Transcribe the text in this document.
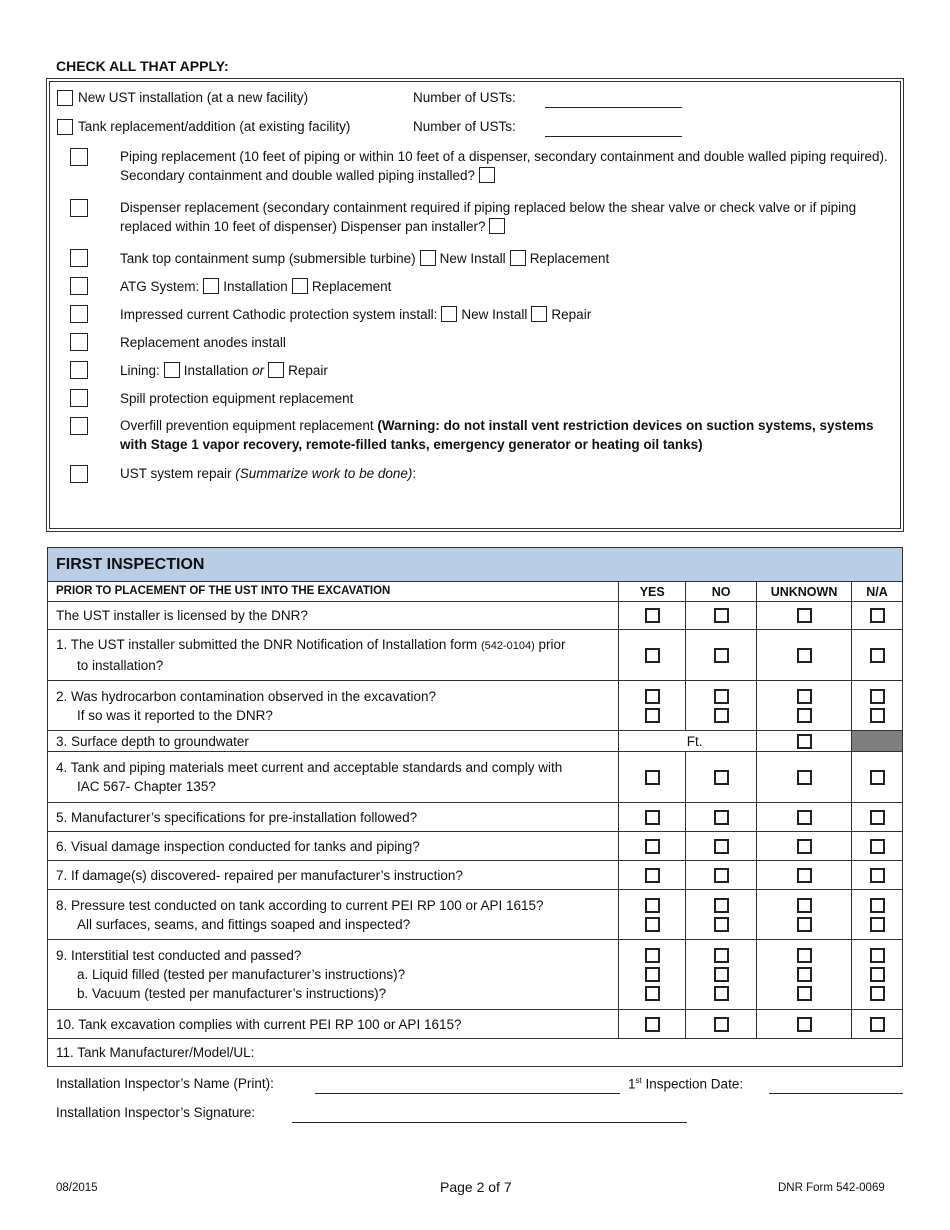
CHECK ALL THAT APPLY:
New UST installation (at a new facility)	Number of USTs:
Tank replacement/addition (at existing facility)	Number of USTs:
Piping replacement (10 feet of piping or within 10 feet of a dispenser, secondary containment and double walled piping required). Secondary containment and double walled piping installed?
Dispenser replacement (secondary containment required if piping replaced below the shear valve or check valve or if piping replaced within 10 feet of dispenser) Dispenser pan installer?
Tank top containment sump (submersible turbine) New Install Replacement
ATG System: Installation Replacement
Impressed current Cathodic protection system install: New Install Repair
Replacement anodes install
Lining: Installation or Repair
Spill protection equipment replacement
Overfill prevention equipment replacement (Warning: do not install vent restriction devices on suction systems, systems with Stage 1 vapor recovery, remote-filled tanks, emergency generator or heating oil tanks)
UST system repair (Summarize work to be done):
FIRST INSPECTION				
PRIOR TO PLACEMENT OF THE UST INTO THE EXCAVATION	YES	NO	UNKNOWN	N/A
The UST installer is licensed by the DNR?				
1. The UST installer submitted the DNR Notification of Installation form (542-0104) prior
to installation?				

2. Was hydrocarbon contamination observed in the excavation?
If so was it reported to the DNR?				

3. Surface depth to groundwater	Ft.			
4. Tank and piping materials meet current and acceptable standards and comply with
IAC 567- Chapter 135?				

5. Manufacturer’s specifications for pre-installation followed?				
6. Visual damage inspection conducted for tanks and piping?				
7. If damage(s) discovered- repaired per manufacturer’s instruction?				
8. Pressure test conducted on tank according to current PEI RP 100 or API 1615?
All surfaces, seams, and fittings soaped and inspected?				

9. Interstitial test conducted and passed?
a. Liquid filled (tested per manufacturer’s instructions)?
b. Vacuum (tested per manufacturer’s instructions)?				

10. Tank excavation complies with current PEI RP 100 or API 1615?				
11. Tank Manufacturer/Model/UL:				
Installation Inspector’s Name (Print):	1st Inspection Date:
Installation Inspector’s Signature:
08/2015	Page 2 of 7	DNR Form 542-0069
